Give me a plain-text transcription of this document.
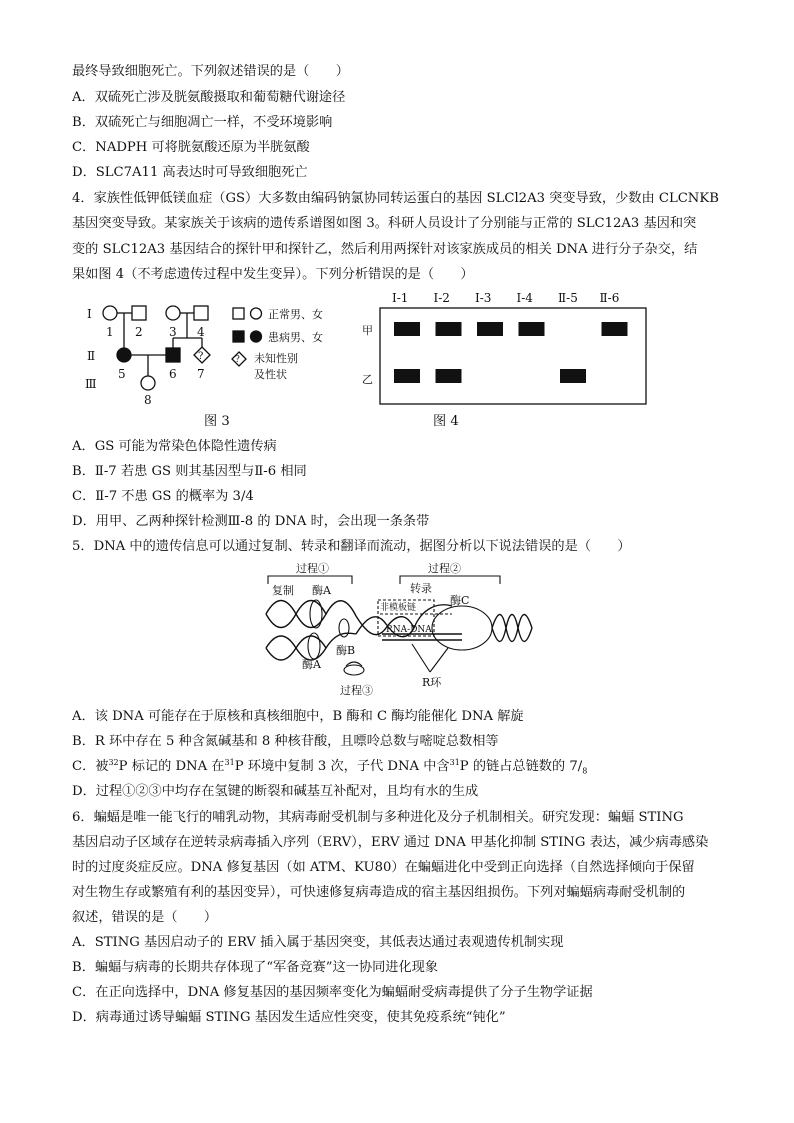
最终导致细胞死亡。下列叙述错误的是（　　）
A．双硫死亡涉及胱氨酸摄取和葡萄糖代谢途径
B．双硫死亡与细胞凋亡一样，不受环境影响
C．NADPH 可将胱氨酸还原为半胱氨酸
D．SLC7A11 高表达时可导致细胞死亡
4．家族性低钾低镁血症（GS）大多数由编码钠氯协同转运蛋白的基因 SLCl2A3 突变导致，少数由 CLCNKB
基因突变导致。某家族关于该病的遗传系谱图如图 3。科研人员设计了分别能与正常的 SLC12A3 基因和突
变的 SLC12A3 基因结合的探针甲和探针乙，然后利用两探针对该家族成员的相关 DNA 进行分子杂交，结
果如图 4（不考虑遗传过程中发生变异）。下列分析错误的是（　　）
Ⅰ
Ⅱ
Ⅲ
1 2 3 4
5	6 7
8
?	?
正常男、女
患病男、女
未知性别
及性状
图 3
Ⅰ-1 Ⅰ-2 Ⅰ-3 Ⅰ-4 Ⅱ-5 Ⅱ-6
甲
乙
图 4
A．GS 可能为常染色体隐性遗传病
B．Ⅱ-7 若患 GS 则其基因型与Ⅱ-6 相同
C．Ⅱ-7 不患 GS 的概率为 3/4
D．用甲、乙两种探针检测Ⅲ-8 的 DNA 时，会出现一条条带
5．DNA 中的遗传信息可以通过复制、转录和翻译而流动，据图分析以下说法错误的是（　　）
过程①	过程②
复制 酶A	转录
酶C
非模板链
RNA-DNA
酶B
酶A
过程③
R环
A．该 DNA 可能存在于原核和真核细胞中，B 酶和 C 酶均能催化 DNA 解旋
B．R 环中存在 5 种含氮碱基和 8 种核苷酸，且嘌呤总数与嘧啶总数相等
C．被$^{32}$P 标记的 DNA 在$^{31}$P 环境中复制 3 次，子代 DNA 中含$^{31}$P 的链占总链数的 $7/_8$
D．过程①②③中均存在氢键的断裂和碱基互补配对，且均有水的生成
6．蝙蝠是唯一能飞行的哺乳动物，其病毒耐受机制与多种进化及分子机制相关。研究发现：蝙蝠 STING
基因启动子区域存在逆转录病毒插入序列（ERV），ERV 通过 DNA 甲基化抑制 STING 表达，减少病毒感染
时的过度炎症反应。DNA 修复基因（如 ATM、KU80）在蝙蝠进化中受到正向选择（自然选择倾向于保留
对生物生存或繁殖有利的基因变异），可快速修复病毒造成的宿主基因组损伤。下列对蝙蝠病毒耐受机制的
叙述，错误的是（　　）
A．STING 基因启动子的 ERV 插入属于基因突变，其低表达通过表观遗传机制实现
B．蝙蝠与病毒的长期共存体现了“军备竞赛”这一协同进化现象
C．在正向选择中，DNA 修复基因的基因频率变化为蝙蝠耐受病毒提供了分子生物学证据
D．病毒通过诱导蝙蝠 STING 基因发生适应性突变，使其免疫系统“钝化”
